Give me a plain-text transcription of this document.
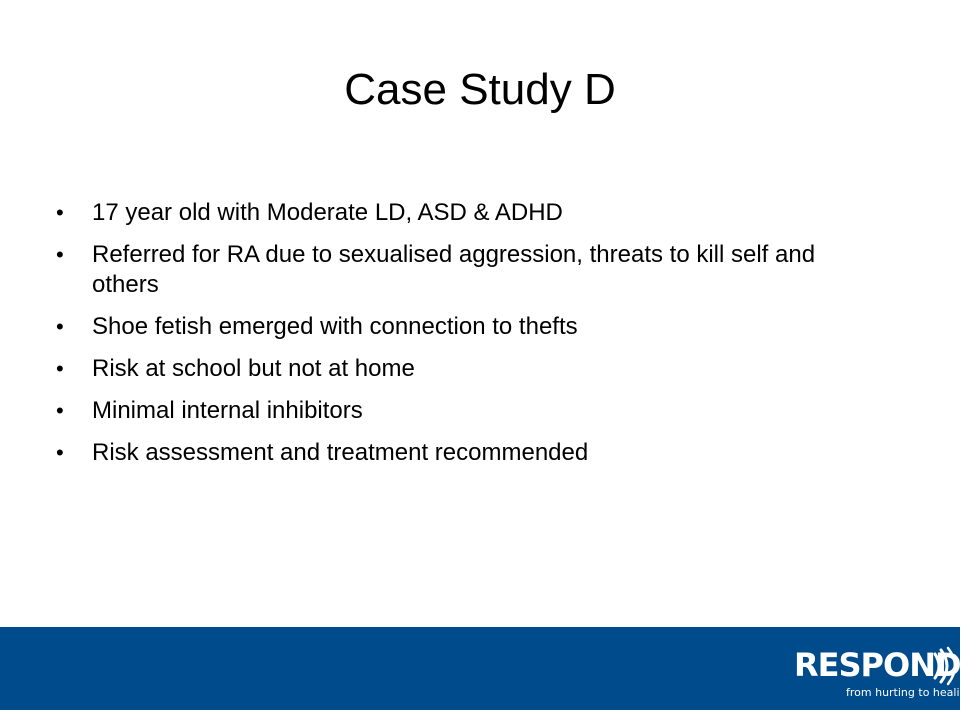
Case Study D
•	17 year old with Moderate LD, ASD & ADHD
•	Referred for RA due to sexualised aggression, threats to kill self and others
•	Shoe fetish emerged with connection to thefts
•	Risk at school but not at home
•	Minimal internal inhibitors
•	Risk assessment and treatment recommended
RESPOND
from hurting to healing
